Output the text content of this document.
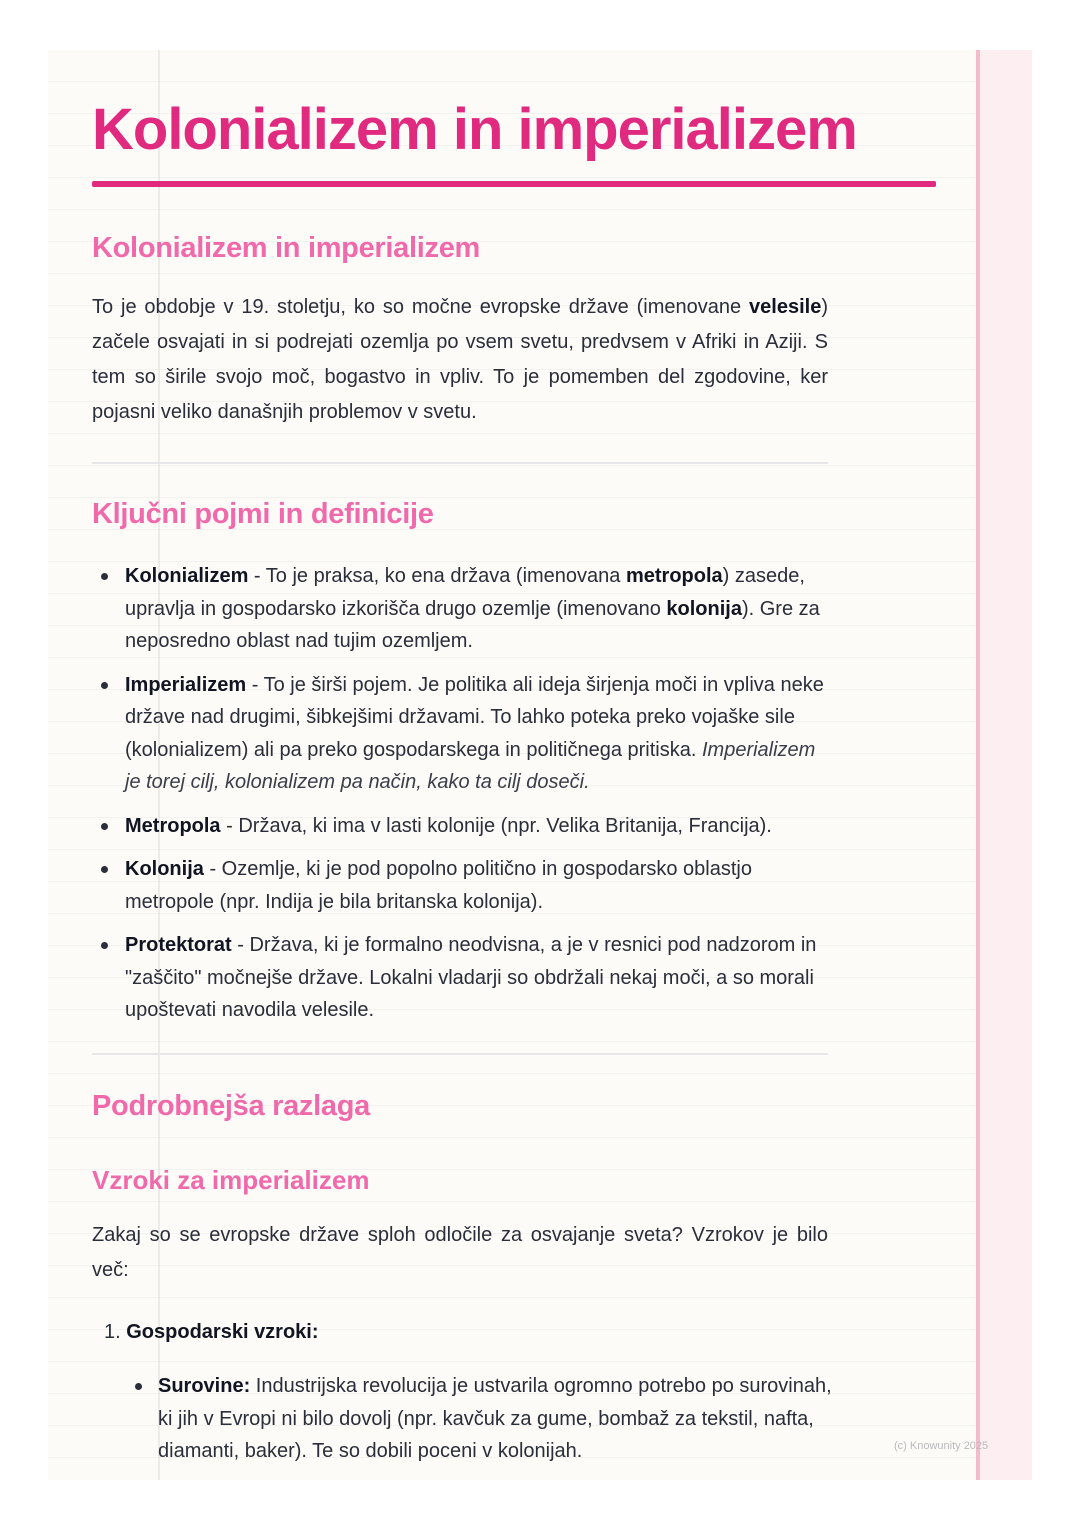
Kolonializem in imperializem
Kolonializem in imperializem

To je obdobje v 19. stoletju, ko so močne evropske države (imenovane velesile) začele osvajati in si podrejati ozemlja po vsem svetu, predvsem v Afriki in Aziji. S tem so širile svojo moč, bogastvo in vpliv. To je pomemben del zgodovine, ker pojasni veliko današnjih problemov v svetu.

Ključni pojmi in definicije
Kolonializem - To je praksa, ko ena država (imenovana metropola) zasede, upravlja in gospodarsko izkorišča drugo ozemlje (imenovano kolonija). Gre za neposredno oblast nad tujim ozemljem.
Imperializem - To je širši pojem. Je politika ali ideja širjenja moči in vpliva neke države nad drugimi, šibkejšimi državami. To lahko poteka preko vojaške sile (kolonializem) ali pa preko gospodarskega in političnega pritiska. Imperializem je torej cilj, kolonializem pa način, kako ta cilj doseči.
Metropola - Država, ki ima v lasti kolonije (npr. Velika Britanija, Francija).
Kolonija - Ozemlje, ki je pod popolno politično in gospodarsko oblastjo metropole (npr. Indija je bila britanska kolonija).
Protektorat - Država, ki je formalno neodvisna, a je v resnici pod nadzorom in "zaščito" močnejše države. Lokalni vladarji so obdržali nekaj moči, a so morali upoštevati navodila velesile.
Podrobnejša razlaga
Vzroki za imperializem

Zakaj so se evropske države sploh odločile za osvajanje sveta? Vzrokov je bilo več:

1. Gospodarski vzroki:
Surovine: Industrijska revolucija je ustvarila ogromno potrebo po surovinah, ki jih v Evropi ni bilo dovolj (npr. kavčuk za gume, bombaž za tekstil, nafta, diamanti, baker). Te so dobili poceni v kolonijah.	(c) Knowunity 2025
